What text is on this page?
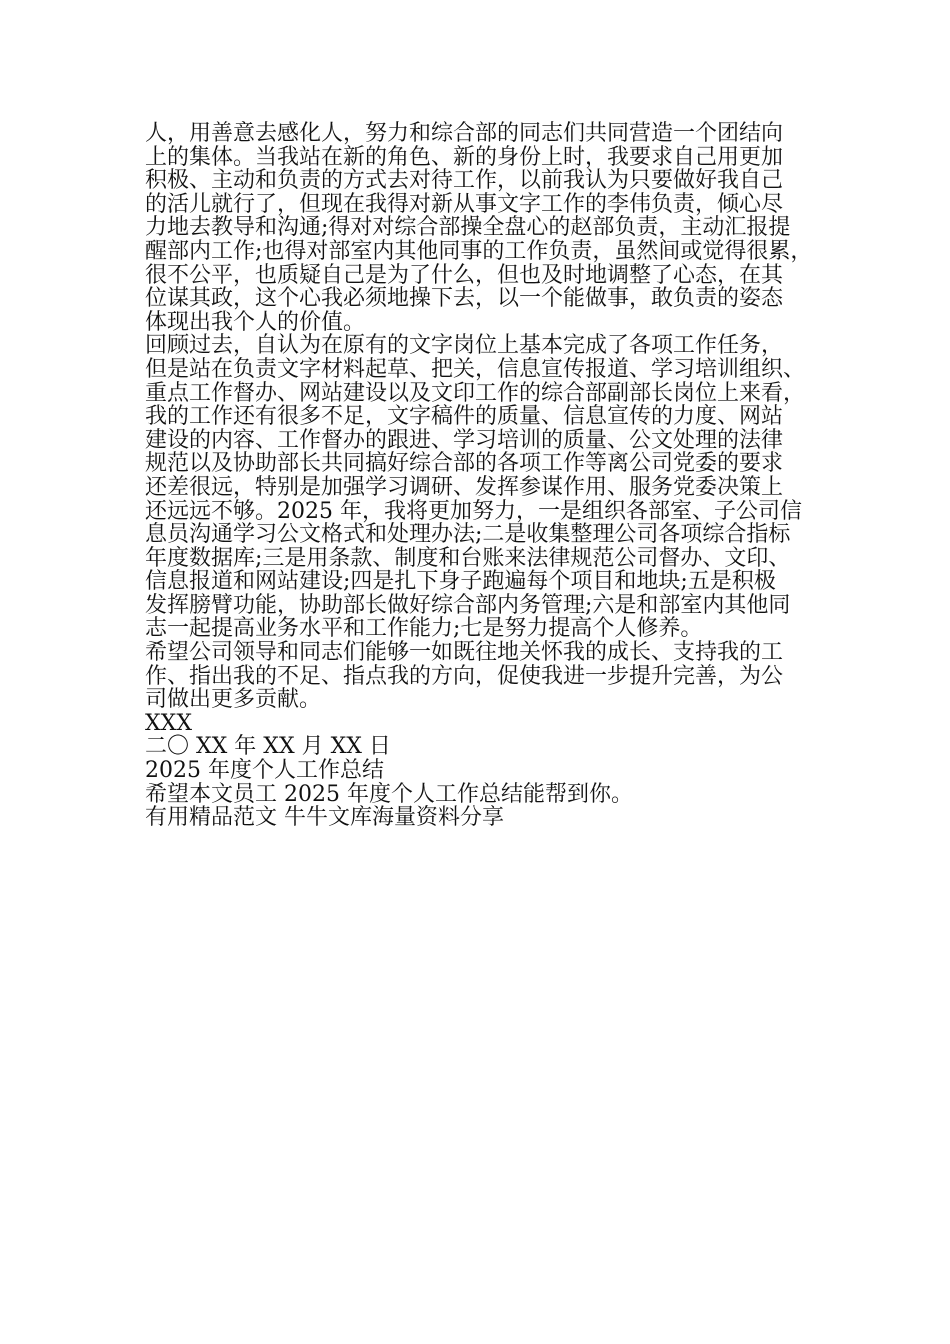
人，用善意去感化人，努力和综合部的同志们共同营造一个团结向
上的集体。当我站在新的角色、新的身份上时，我要求自己用更加
积极、主动和负责的方式去对待工作，以前我认为只要做好我自己
的活儿就行了，但现在我得对新从事文字工作的李伟负责，倾心尽
力地去教导和沟通;得对对综合部操全盘心的赵部负责，主动汇报提
醒部内工作;也得对部室内其他同事的工作负责，虽然间或觉得很累，
很不公平，也质疑自己是为了什么，但也及时地调整了心态，在其
位谋其政，这个心我必须地操下去，以一个能做事，敢负责的姿态
体现出我个人的价值。
回顾过去，自认为在原有的文字岗位上基本完成了各项工作任务，
但是站在负责文字材料起草、把关，信息宣传报道、学习培训组织、
重点工作督办、网站建设以及文印工作的综合部副部长岗位上来看，
我的工作还有很多不足，文字稿件的质量、信息宣传的力度、网站
建设的内容、工作督办的跟进、学习培训的质量、公文处理的法律
规范以及协助部长共同搞好综合部的各项工作等离公司党委的要求
还差很远，特别是加强学习调研、发挥参谋作用、服务党委决策上
还远远不够。2025 年，我将更加努力，一是组织各部室、子公司信
息员沟通学习公文格式和处理办法;二是收集整理公司各项综合指标
年度数据库;三是用条款、制度和台账来法律规范公司督办、文印、
信息报道和网站建设;四是扎下身子跑遍每个项目和地块;五是积极
发挥膀臂功能，协助部长做好综合部内务管理;六是和部室内其他同
志一起提高业务水平和工作能力;七是努力提高个人修养。
希望公司领导和同志们能够一如既往地关怀我的成长、支持我的工
作、指出我的不足、指点我的方向，促使我进一步提升完善，为公
司做出更多贡献。
XXX
二〇 XX 年 XX 月 XX 日
2025 年度个人工作总结
希望本文员工 2025 年度个人工作总结能帮到你。
有用精品范文 牛牛文库海量资料分享
